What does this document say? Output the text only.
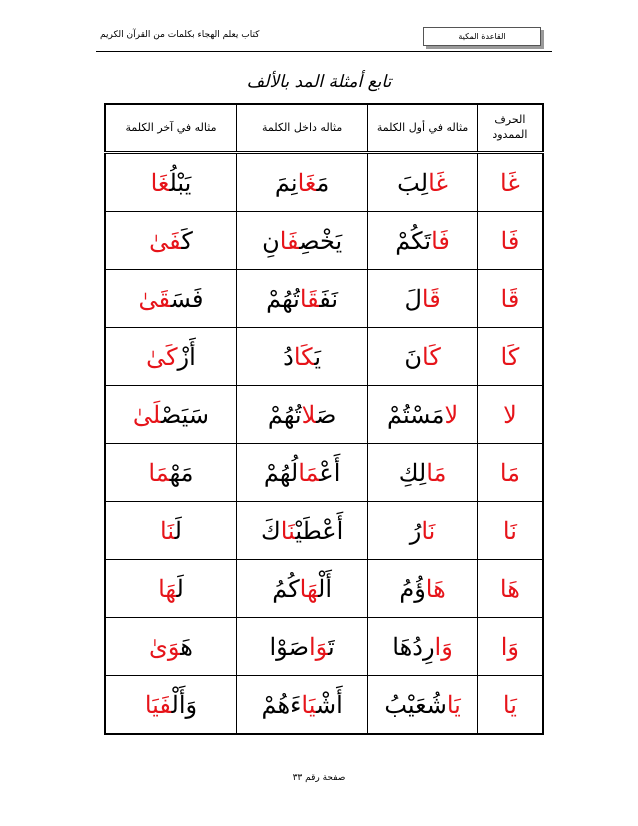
كتاب يعلم الهجاء بكلمات من القرآن الكريم	القاعدة المكية
تابع أمثلة المد بالألف
الحرف الممدود	مثاله في أول الكلمة	مثاله داخل الكلمة	مثاله في آخر الكلمة
غَا	غَالِبَ	مَغَانِمَ	يَبْلُغَا
فَا	فَاتَكُمْ	يَخْصِفَانِ	كَفَىٰ
قَا	قَالَ	نَفَقَاتُهُمْ	فَسَقَىٰ
كَا	كَانَ	يَكَادُ	أَزْكَىٰ
لا	لامَسْتُمْ	صَلاتُهُمْ	سَيَصْلَىٰ
مَا	مَالِكِ	أَعْمَالُهُمْ	مَهْمَا
نَا	نَارُ	أَعْطَيْنَاكَ	لَنَا
هَا	هَاؤُمُ	أَلْهَاكُمُ	لَهَا
وَا	وَارِدُهَا	تَوَاصَوْا	هَوَىٰ
يَا	يَاشُعَيْبُ	أَشْيَاءَهُمْ	وَأَلْفَيَا
صفحة رقم ٣٣
